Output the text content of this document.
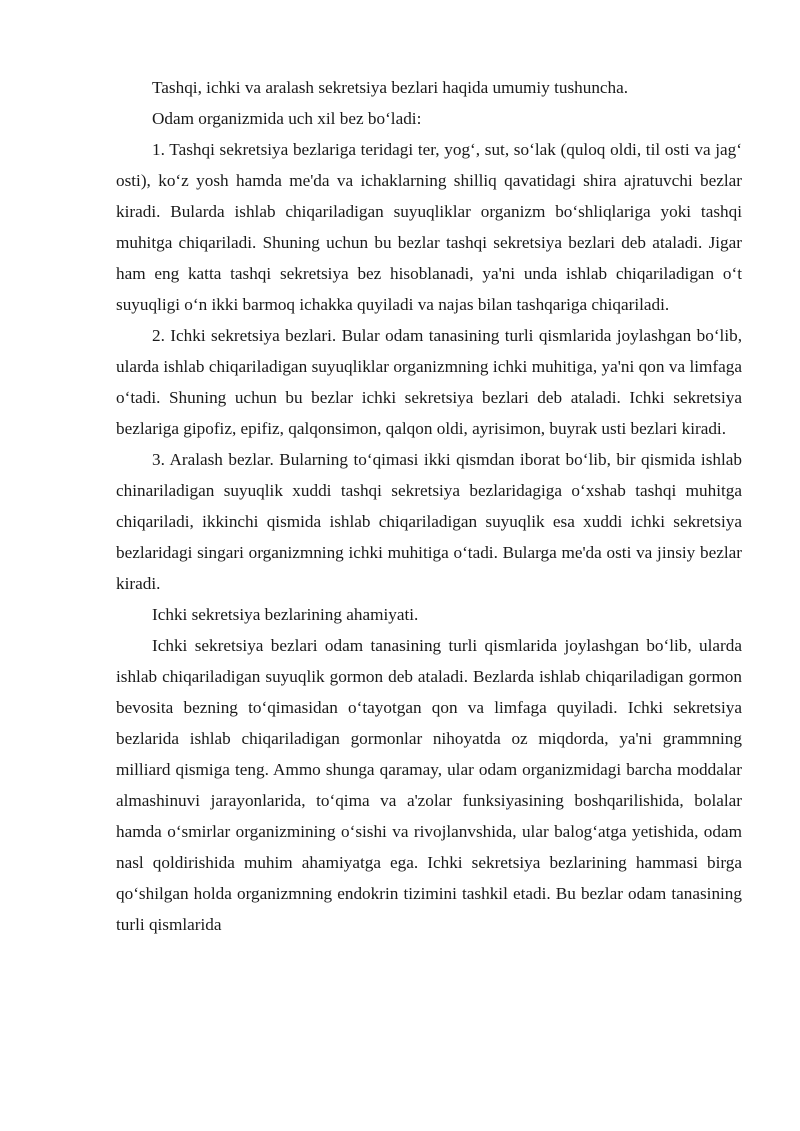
Tashqi, ichki va aralash sekretsiya bezlari haqida umumiy tushuncha.

Odam organizmida uch xil bez boʻladi:

1. Tashqi sekretsiya bezlariga teridagi ter, yogʻ, sut, soʻlak (quloq oldi, til osti va jagʻ osti), koʻz yosh hamda me'da va ichaklarning shilliq qavatidagi shira ajratuvchi bezlar kiradi. Bularda ishlab chiqariladigan suyuqliklar organizm boʻshliqlariga yoki tashqi muhitga chiqariladi. Shuning uchun bu bezlar tashqi sekretsiya bezlari deb ataladi. Jigar ham eng katta tashqi sekretsiya bez hisoblanadi, ya'ni unda ishlab chiqariladigan oʻt suyuqligi oʻn ikki barmoq ichakka quyiladi va najas bilan tashqariga chiqariladi.

2. Ichki sekretsiya bezlari. Bular odam tanasining turli qismlarida joylashgan boʻlib, ularda ishlab chiqariladigan suyuqliklar organizmning ichki muhitiga, ya'ni qon va limfaga oʻtadi. Shuning uchun bu bezlar ichki sekretsiya bezlari deb ataladi. Ichki sekretsiya bezlariga gipofiz, epifiz, qalqonsimon, qalqon oldi, ayrisimon, buyrak usti bezlari kiradi.

3. Aralash bezlar. Bularning toʻqimasi ikki qismdan iborat boʻlib, bir qismida ishlab chinariladigan suyuqlik xuddi tashqi sekretsiya bezlaridagiga oʻxshab tashqi muhitga chiqariladi, ikkinchi qismida ishlab chiqariladigan suyuqlik esa xuddi ichki sekretsiya bezlaridagi singari organizmning ichki muhitiga oʻtadi. Bularga me'da osti va jinsiy bezlar kiradi.

Ichki sekretsiya bezlarining ahamiyati.

Ichki sekretsiya bezlari odam tanasining turli qismlarida joylashgan boʻlib, ularda ishlab chiqariladigan suyuqlik gormon deb ataladi. Bezlarda ishlab chiqariladigan gormon bevosita bezning toʻqimasidan oʻtayotgan qon va limfaga quyiladi. Ichki sekretsiya bezlarida ishlab chiqariladigan gormonlar nihoyatda oz miqdorda, ya'ni grammning milliard qismiga teng. Ammo shunga qaramay, ular odam organizmidagi barcha moddalar almashinuvi jarayonlarida, toʻqima va a'zolar funksiyasining boshqarilishida, bolalar hamda oʻsmirlar organizmining oʻsishi va rivojlanvshida, ular balogʻatga yetishida, odam nasl qoldirishida muhim ahamiyatga ega. Ichki sekretsiya bezlarining hammasi birga qoʻshilgan holda organizmning endokrin tizimini tashkil etadi. Bu bezlar odam tanasining turli qismlarida
